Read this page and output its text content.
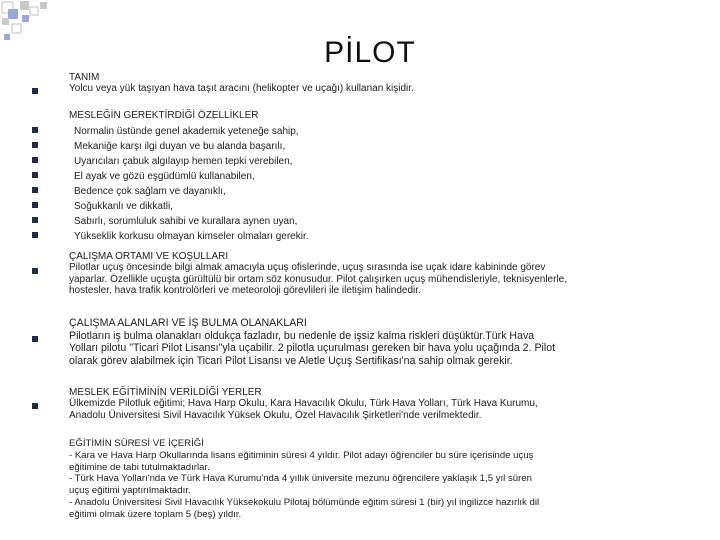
PİLOT
TANIM
Yolcu veya yük taşıyan hava taşıt aracını (helikopter ve uçağı) kullanan kişidir.
MESLEĞİN GEREKTİRDİĞİ ÖZELLİKLER
Normalin üstünde genel akademik yeteneğe sahip,
Mekaniğe karşı ilgi duyan ve bu alanda başarılı,
Uyarıcıları çabuk algılayıp hemen tepki verebilen,
El ayak ve gözü eşgüdümlü kullanabilen,
Bedence çok sağlam ve dayanıklı,
Soğukkanlı ve dikkatli,
Sabırlı, sorumluluk sahibi ve kurallara aynen uyan,
Yükseklik korkusu olmayan kimseler olmaları gerekir.
ÇALIŞMA ORTAMI VE KOŞULLARI
Pilotlar uçuş öncesinde bilgi almak amacıyla uçuş ofislerinde, uçuş sırasında ise uçak idare kabininde görev
yaparlar. Özellikle uçuşta gürültülü bir ortam söz konusudur. Pilot çalışırken uçuş mühendisleriyle, teknisyenlerle,
hostesler, hava trafik kontrolörleri ve meteoroloji görevlileri ile iletişim halindedir.
ÇALIŞMA ALANLARI VE İŞ BULMA OLANAKLARI
Pilotların iş bulma olanakları oldukça fazladır, bu nedenle de işsiz kalma riskleri düşüktür.Türk Hava
Yolları pilotu "Ticari Pilot Lisansı"yla uçabilir. 2 pilotla uçurulması gereken bir hava yolu uçağında 2. Pilot
olarak görev alabilmek için Ticari Pilot Lisansı ve Aletle Uçuş Sertifikası'na sahip olmak gerekir.
MESLEK EĞİTİMİNİN VERİLDİĞİ YERLER
Ülkemizde Pilotluk eğitimi; Hava Harp Okulu, Kara Havacılık Okulu, Türk Hava Yolları, Türk Hava Kurumu,
Anadolu Üniversitesi Sivil Havacılık Yüksek Okulu, Özel Havacılık Şirketleri'nde verilmektedir.
EĞİTİMİN SÜRESİ VE İÇERİĞİ
- Kara ve Hava Harp Okullarında lisans eğitiminin süresi 4 yıldır. Pilot adayı öğrenciler bu süre içerisinde uçuş
eğitimine de tabi tutulmaktadırlar.
- Türk Hava Yolları'nda ve Türk Hava Kurumu'nda 4 yıllık üniversite mezunu öğrencilere yaklaşık 1,5 yıl süren
uçuş eğitimi yaptırılmaktadır.
- Anadolu Üniversitesi Sivil Havacılık Yüksekokulu Pilotaj bölümünde eğitim süresi 1 (bir) yıl ingilizce hazırlık dil
eğitimi olmak üzere toplam 5 (beş) yıldır.
